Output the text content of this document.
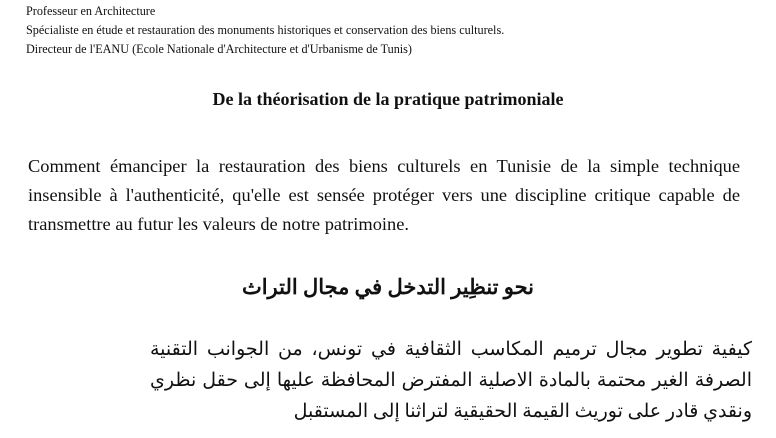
Professeur en Architecture
Spécialiste en étude et restauration des monuments historiques et conservation des biens culturels.
Directeur de l'EANU (Ecole Nationale d'Architecture et d'Urbanisme de Tunis)
De la théorisation de la pratique patrimoniale
Comment émanciper la restauration des biens culturels en Tunisie de la simple technique insensible à l'authenticité, qu'elle est sensée protéger vers une discipline critique capable de transmettre au futur les valeurs de notre patrimoine.
نحو تنظِير التدخل في مجال التراث
كيفية تطوير مجال ترميم المكاسب الثقافية في تونس، من الجوانب التقنية الصرفة الغير محتمة بالمادة الاصلية المفترض المحافظة عليها إلى حقل نظري ونقدي قادر على توريث القيمة الحقيقية لتراثنا إلى المستقبل
